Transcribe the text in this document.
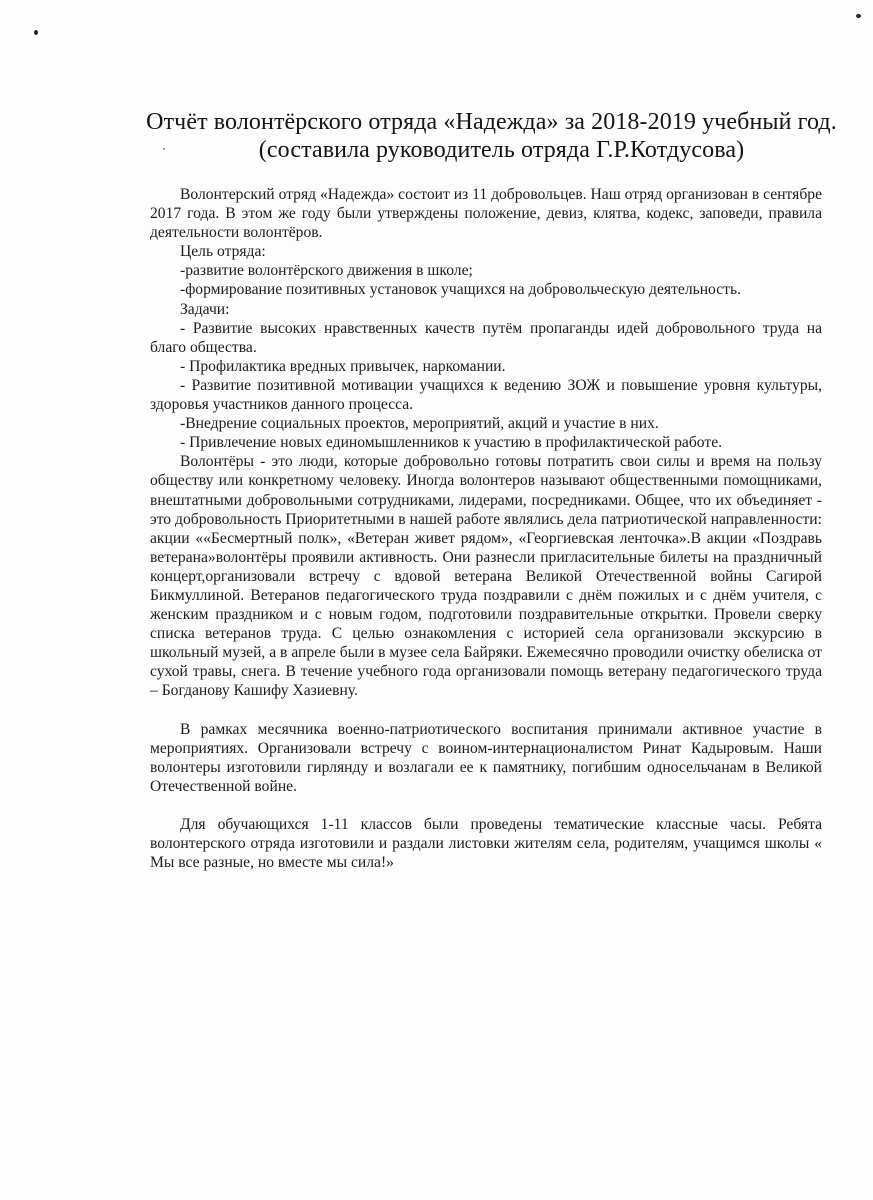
Отчёт волонтёрского отряда «Надежда» за 2018-2019 учебный год.
(составила руководитель отряда Г.Р.Котдусова)

Волонтерский отряд «Надежда» состоит из 11 добровольцев. Наш отряд организован в сентябре 2017 года. В этом же году были утверждены положение, девиз, клятва, кодекс, заповеди, правила деятельности волонтёров.

Цель отряда:

-развитие волонтёрского движения в школе;

-формирование позитивных установок учащихся на добровольческую деятельность.

Задачи:

- Развитие высоких нравственных качеств путём пропаганды идей добровольного труда на благо общества.

- Профилактика вредных привычек, наркомании.

- Развитие позитивной мотивации учащихся к ведению ЗОЖ и повышение уровня культуры, здоровья участников данного процесса.

-Внедрение социальных проектов, мероприятий, акций и участие в них.

- Привлечение новых единомышленников к участию в профилактической работе.

Волонтёры - это люди, которые добровольно готовы потратить свои силы и время на пользу обществу или конкретному человеку. Иногда волонтеров называют общественными помощниками, внештатными добровольными сотрудниками, лидерами, посредниками. Общее, что их объединяет - это добровольность Приоритетными в нашей работе являлись дела патриотической направленности: акции ««Бесмертный полк», «Ветеран живет рядом», «Георгиевская ленточка».В акции «Поздравь ветерана»волонтёры проявили активность. Они разнесли пригласительные билеты на праздничный концерт,организовали встречу с вдовой ветерана Великой Отечественной войны Сагирой Бикмуллиной. Ветеранов педагогического труда поздравили с днём пожилых и с днём учителя, с женским праздником и с новым годом, подготовили поздравительные открытки. Провели сверку списка ветеранов труда. С целью ознакомления с историей села организовали экскурсию в школьный музей, а в апреле были в музее села Байряки. Ежемесячно проводили очистку обелиска от сухой травы, снега. В течение учебного года организовали помощь ветерану педагогического труда – Богданову Кашифу Хазиевну.

В рамках месячника военно-патриотического воспитания принимали активное участие в мероприятиях. Организовали встречу с воином-интернационалистом Ринат Кадыровым. Наши волонтеры изготовили гирлянду и возлагали ее к памятнику, погибшим односельчанам в Великой Отечественной войне.

Для обучающихся 1-11 классов были проведены тематические классные часы. Ребята волонтерского отряда изготовили и раздали листовки жителям села, родителям, учащимся школы « Мы все разные, но вместе мы сила!»
